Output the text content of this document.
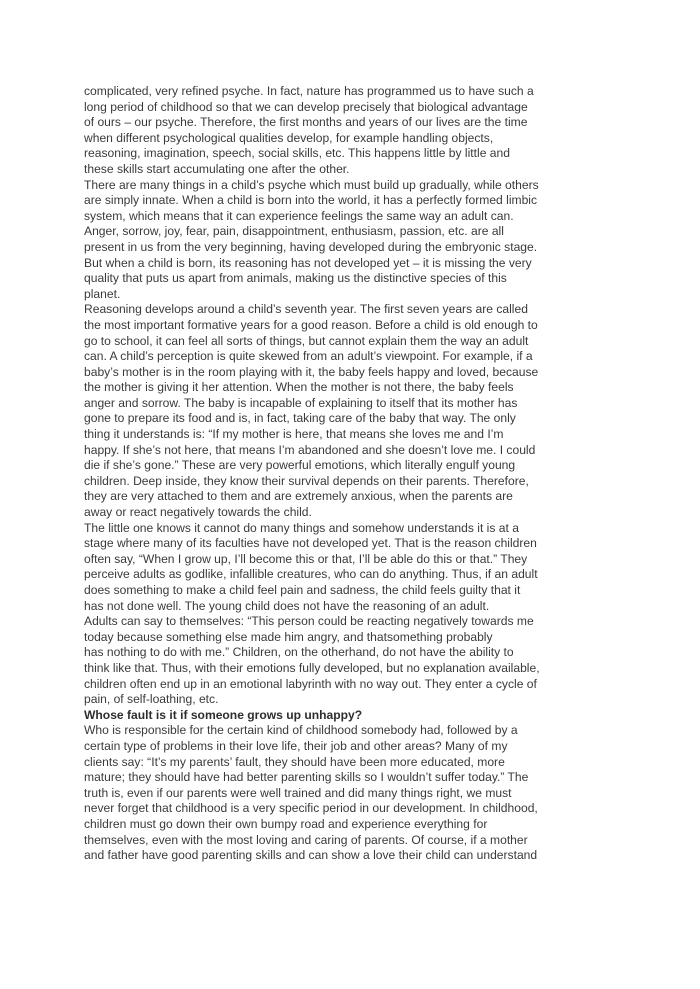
complicated, very refined psyche. In fact, nature has programmed us to have such a
long period of childhood so that we can develop precisely that biological advantage
of ours – our psyche. Therefore, the first months and years of our lives are the time
when different psychological qualities develop, for example handling objects,
reasoning, imagination, speech, social skills, etc. This happens little by little and
these skills start accumulating one after the other.

There are many things in a child’s psyche which must build up gradually, while others
are simply innate. When a child is born into the world, it has a perfectly formed limbic
system, which means that it can experience feelings the same way an adult can.
Anger, sorrow, joy, fear, pain, disappointment, enthusiasm, passion, etc. are all
present in us from the very beginning, having developed during the embryonic stage.
But when a child is born, its reasoning has not developed yet – it is missing the very
quality that puts us apart from animals, making us the distinctive species of this
planet.

Reasoning develops around a child’s seventh year. The first seven years are called
the most important formative years for a good reason. Before a child is old enough to
go to school, it can feel all sorts of things, but cannot explain them the way an adult
can. A child’s perception is quite skewed from an adult’s viewpoint. For example, if a
baby’s mother is in the room playing with it, the baby feels happy and loved, because
the mother is giving it her attention. When the mother is not there, the baby feels
anger and sorrow. The baby is incapable of explaining to itself that its mother has
gone to prepare its food and is, in fact, taking care of the baby that way. The only
thing it understands is: “If my mother is here, that means she loves me and I’m
happy. If she’s not here, that means I’m abandoned and she doesn’t love me. I could
die if she’s gone.” These are very powerful emotions, which literally engulf young
children. Deep inside, they know their survival depends on their parents. Therefore,
they are very attached to them and are extremely anxious, when the parents are
away or react negatively towards the child.

The little one knows it cannot do many things and somehow understands it is at a
stage where many of its faculties have not developed yet. That is the reason children
often say, “When I grow up, I’ll become this or that, I’ll be able do this or that.” They
perceive adults as godlike, infallible creatures, who can do anything. Thus, if an adult
does something to make a child feel pain and sadness, the child feels guilty that it
has not done well. The young child does not have the reasoning of an adult.

Adults can say to themselves: “This person could be reacting negatively towards me
today because something else made him angry, and thatsomething probably
has nothing to do with me.” Children, on the otherhand, do not have the ability to
think like that. Thus, with their emotions fully developed, but no explanation available,
children often end up in an emotional labyrinth with no way out. They enter a cycle of
pain, of self-loathing, etc.

Whose fault is it if someone grows up unhappy?

Who is responsible for the certain kind of childhood somebody had, followed by a
certain type of problems in their love life, their job and other areas? Many of my
clients say: “It’s my parents’ fault, they should have been more educated, more
mature; they should have had better parenting skills so I wouldn’t suffer today.” The
truth is, even if our parents were well trained and did many things right, we must
never forget that childhood is a very specific period in our development. In childhood,
children must go down their own bumpy road and experience everything for
themselves, even with the most loving and caring of parents. Of course, if a mother
and father have good parenting skills and can show a love their child can understand
